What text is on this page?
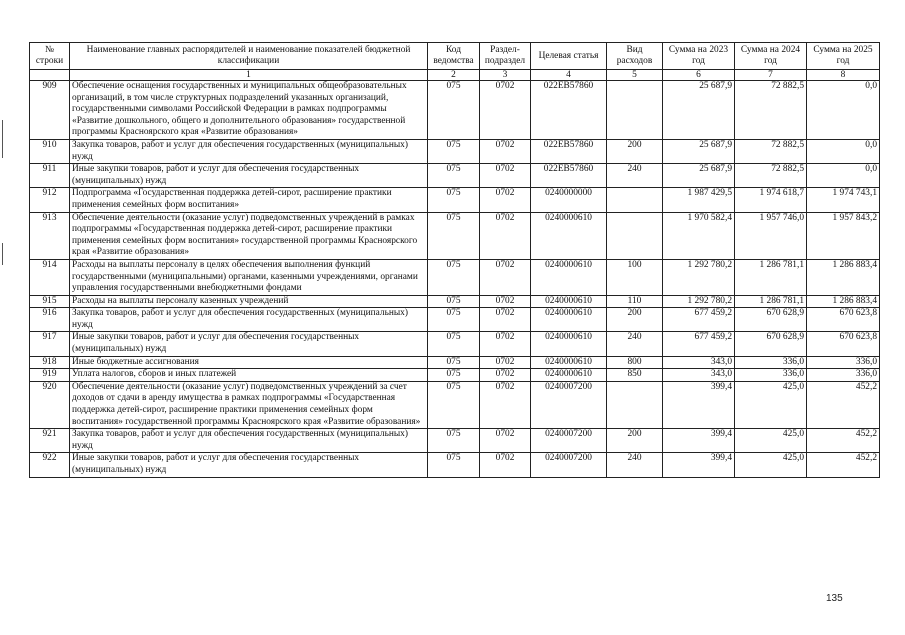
№ строки	Наименование главных распорядителей и наименование показателей бюджетной классификации	Код ведомства	Раздел-подраздел	Целевая статья	Вид расходов	Сумма на 2023 год	Сумма на 2024 год	Сумма на 2025 год
	1	2	3	4	5	6	7	8
909	Обеспечение оснащения государственных и муниципальных общеобразовательных организаций, в том числе структурных подразделений указанных организаций, государственными символами Российской Федерации в рамках подпрограммы «Развитие дошкольного, общего и дополнительного образования» государственной программы Красноярского края «Развитие образования»	075	0702	022ЕВ57860		25 687,9	72 882,5	0,0
910	Закупка товаров, работ и услуг для обеспечения государственных (муниципальных) нужд	075	0702	022ЕВ57860	200	25 687,9	72 882,5	0,0
911	Иные закупки товаров, работ и услуг для обеспечения государственных (муниципальных) нужд	075	0702	022ЕВ57860	240	25 687,9	72 882,5	0,0
912	Подпрограмма «Государственная поддержка детей-сирот, расширение практики применения семейных форм воспитания»	075	0702	0240000000		1 987 429,5	1 974 618,7	1 974 743,1
913	Обеспечение деятельности (оказание услуг) подведомственных учреждений в рамках подпрограммы «Государственная поддержка детей-сирот, расширение практики применения семейных форм воспитания» государственной программы Красноярского края «Развитие образования»	075	0702	0240000610		1 970 582,4	1 957 746,0	1 957 843,2
914	Расходы на выплаты персоналу в целях обеспечения выполнения функций государственными (муниципальными) органами, казенными учреждениями, органами управления государственными внебюджетными фондами	075	0702	0240000610	100	1 292 780,2	1 286 781,1	1 286 883,4
915	Расходы на выплаты персоналу казенных учреждений	075	0702	0240000610	110	1 292 780,2	1 286 781,1	1 286 883,4
916	Закупка товаров, работ и услуг для обеспечения государственных (муниципальных) нужд	075	0702	0240000610	200	677 459,2	670 628,9	670 623,8
917	Иные закупки товаров, работ и услуг для обеспечения государственных (муниципальных) нужд	075	0702	0240000610	240	677 459,2	670 628,9	670 623,8
918	Иные бюджетные ассигнования	075	0702	0240000610	800	343,0	336,0	336,0
919	Уплата налогов, сборов и иных платежей	075	0702	0240000610	850	343,0	336,0	336,0
920	Обеспечение деятельности (оказание услуг) подведомственных учреждений за счет доходов от сдачи в аренду имущества в рамках подпрограммы «Государственная поддержка детей-сирот, расширение практики применения семейных форм воспитания» государственной программы Красноярского края «Развитие образования»	075	0702	0240007200		399,4	425,0	452,2
921	Закупка товаров, работ и услуг для обеспечения государственных (муниципальных) нужд	075	0702	0240007200	200	399,4	425,0	452,2
922	Иные закупки товаров, работ и услуг для обеспечения государственных (муниципальных) нужд	075	0702	0240007200	240	399,4	425,0	452,2
135
